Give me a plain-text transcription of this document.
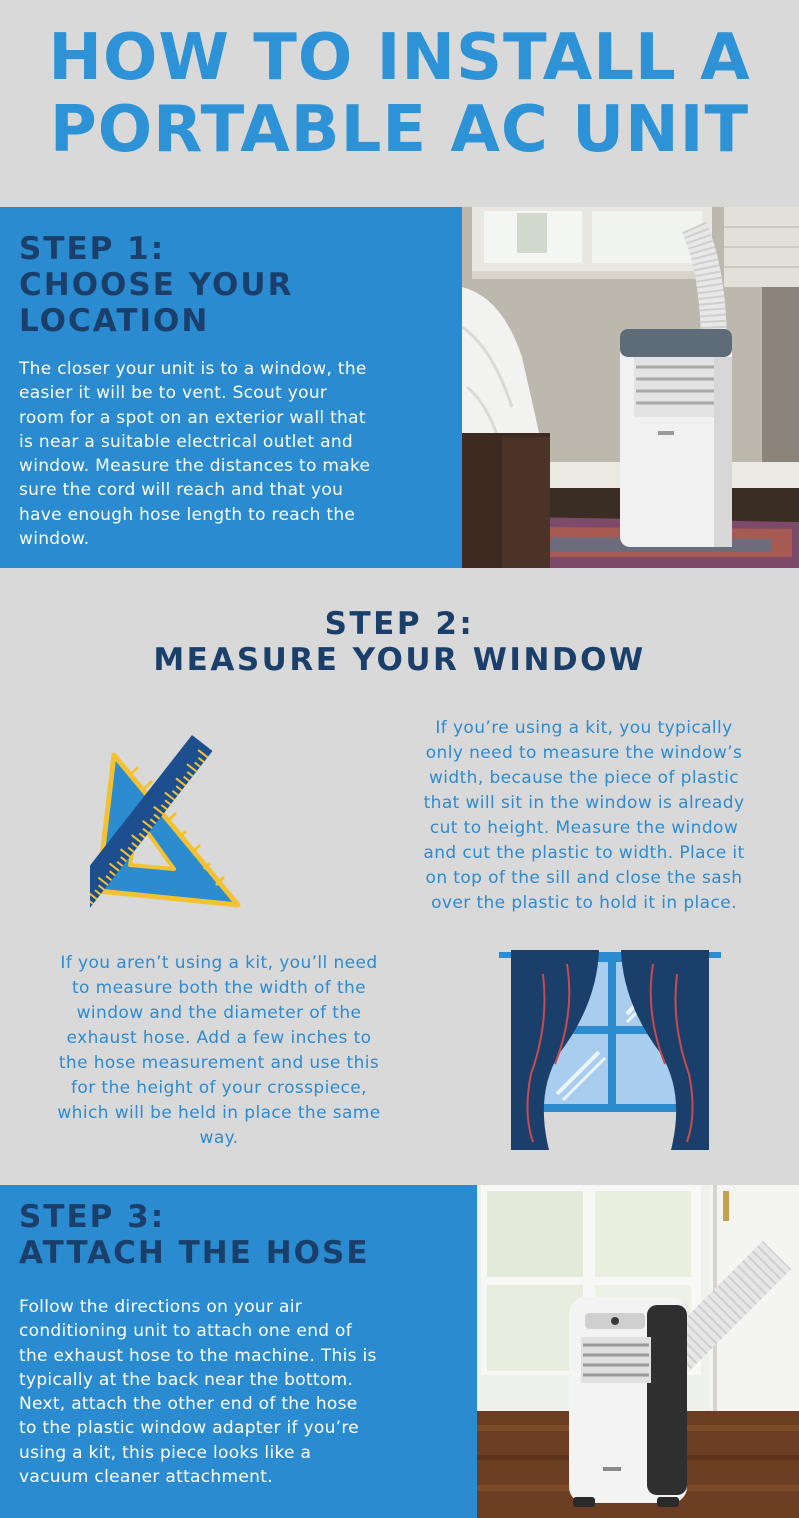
HOW TO INSTALL A
PORTABLE AC UNIT
STEP 1:
CHOOSE YOUR
LOCATION
The closer your unit is to a window, the
easier it will be to vent. Scout your
room for a spot on an exterior wall that
is near a suitable electrical outlet and
window. Measure the distances to make
sure the cord will reach and that you
have enough hose length to reach the
window.
STEP 2:
MEASURE YOUR WINDOW
If you’re using a kit, you typically
only need to measure the window’s
width, because the piece of plastic
that will sit in the window is already
cut to height. Measure the window
and cut the plastic to width. Place it
on top of the sill and close the sash
over the plastic to hold it in place.
If you aren’t using a kit, you’ll need
to measure both the width of the
window and the diameter of the
exhaust hose. Add a few inches to
the hose measurement and use this
for the height of your crosspiece,
which will be held in place the same
way.
STEP 3:
ATTACH THE HOSE
Follow the directions on your air
conditioning unit to attach one end of
the exhaust hose to the machine. This is
typically at the back near the bottom.
Next, attach the other end of the hose
to the plastic window adapter if you’re
using a kit, this piece looks like a
vacuum cleaner attachment.
